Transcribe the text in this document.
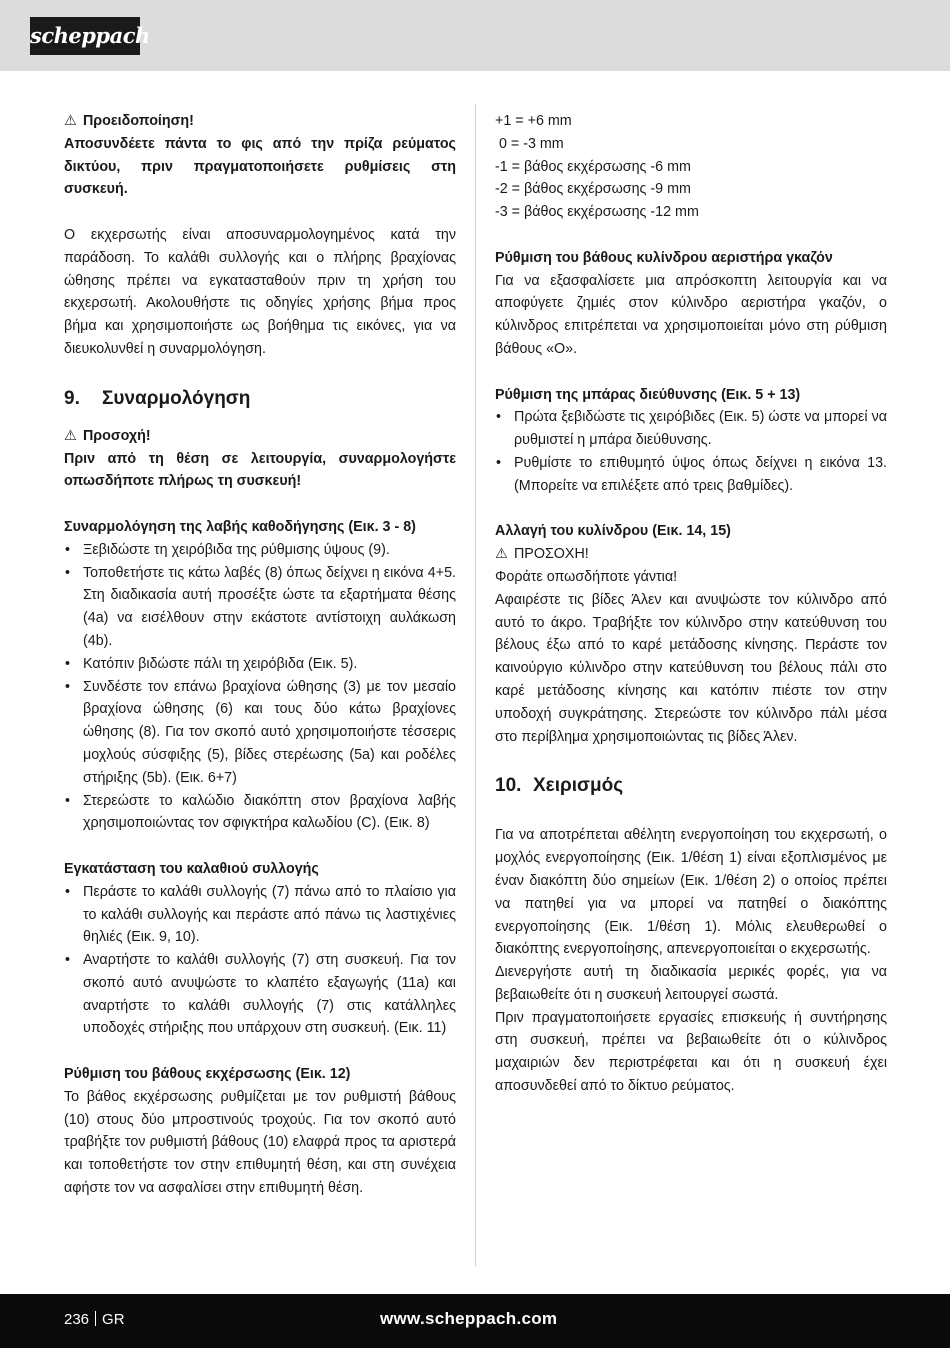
scheppach

⚠ Προειδοποίηση!

Αποσυνδέετε πάντα το φις από την πρίζα ρεύματος δικτύου, πριν πραγματοποιήσετε ρυθμίσεις στη συσκευή.

Ο εκχερσωτής είναι αποσυναρμολογημένος κατά την παράδοση. Το καλάθι συλλογής και ο πλήρης βραχίονας ώθησης πρέπει να εγκατασταθούν πριν τη χρήση του εκχερσωτή. Ακολουθήστε τις οδηγίες χρήσης βήμα προς βήμα και χρησιμοποιήστε ως βοήθημα τις εικόνες, για να διευκολυνθεί η συναρμολόγηση.

9. Συναρμολόγηση

⚠ Προσοχή!

Πριν από τη θέση σε λειτουργία, συναρμολογήστε οπωσδήποτε πλήρως τη συσκευή!

Συναρμολόγηση της λαβής καθοδήγησης (Εικ. 3 - 8)

• Ξεβιδώστε τη χειρόβιδα της ρύθμισης ύψους (9).
• Τοποθετήστε τις κάτω λαβές (8) όπως δείχνει η εικόνα 4+5. Στη διαδικασία αυτή προσέξτε ώστε τα εξαρτήματα θέσης (4a) να εισέλθουν στην εκάστοτε αντίστοιχη αυλάκωση (4b).
• Κατόπιν βιδώστε πάλι τη χειρόβιδα (Εικ. 5).
• Συνδέστε τον επάνω βραχίονα ώθησης (3) με τον μεσαίο βραχίονα ώθησης (6) και τους δύο κάτω βραχίονες ώθησης (8). Για τον σκοπό αυτό χρησιμοποιήστε τέσσερις μοχλούς σύσφιξης (5), βίδες στερέωσης (5a) και ροδέλες στήριξης (5b). (Εικ. 6+7)
• Στερεώστε το καλώδιο διακόπτη στον βραχίονα λαβής χρησιμοποιώντας τον σφιγκτήρα καλωδίου (C). (Εικ. 8)

Εγκατάσταση του καλαθιού συλλογής

• Περάστε το καλάθι συλλογής (7) πάνω από το πλαίσιο για το καλάθι συλλογής και περάστε από πάνω τις λαστιχένιες θηλιές (Εικ. 9, 10).
• Αναρτήστε το καλάθι συλλογής (7) στη συσκευή. Για τον σκοπό αυτό ανυψώστε το κλαπέτο εξαγωγής (11a) και αναρτήστε το καλάθι συλλογής (7) στις κατάλληλες υποδοχές στήριξης που υπάρχουν στη συσκευή. (Εικ. 11)

Ρύθμιση του βάθους εκχέρσωσης (Εικ. 12)

Το βάθος εκχέρσωσης ρυθμίζεται με τον ρυθμιστή βάθους (10) στους δύο μπροστινούς τροχούς. Για τον σκοπό αυτό τραβήξτε τον ρυθμιστή βάθους (10) ελαφρά προς τα αριστερά και τοποθετήστε τον στην επιθυμητή θέση, και στη συνέχεια αφήστε τον να ασφαλίσει στην επιθυμητή θέση.

+1 = +6 mm

0 = -3 mm

-1 = βάθος εκχέρσωσης -6 mm

-2 = βάθος εκχέρσωσης -9 mm

-3 = βάθος εκχέρσωσης -12 mm

Ρύθμιση του βάθους κυλίνδρου αεριστήρα γκαζόν

Για να εξασφαλίσετε μια απρόσκοπτη λειτουργία και να αποφύγετε ζημιές στον κύλινδρο αεριστήρα γκαζόν, ο κύλινδρος επιτρέπεται να χρησιμοποιείται μόνο στη ρύθμιση βάθους «O».

Ρύθμιση της μπάρας διεύθυνσης (Εικ. 5 + 13)

• Πρώτα ξεβιδώστε τις χειρόβιδες (Εικ. 5) ώστε να μπορεί να ρυθμιστεί η μπάρα διεύθυνσης.
• Ρυθμίστε το επιθυμητό ύψος όπως δείχνει η εικόνα 13. (Μπορείτε να επιλέξετε από τρεις βαθμίδες).

Αλλαγή του κυλίνδρου (Εικ. 14, 15)

⚠ ΠΡΟΣΟΧΗ!

Φοράτε οπωσδήποτε γάντια!

Αφαιρέστε τις βίδες Άλεν και ανυψώστε τον κύλινδρο από αυτό το άκρο. Τραβήξτε τον κύλινδρο στην κατεύθυνση του βέλους έξω από το καρέ μετάδοσης κίνησης. Περάστε τον καινούργιο κύλινδρο στην κατεύθυνση του βέλους πάλι στο καρέ μετάδοσης κίνησης και κατόπιν πιέστε τον στην υποδοχή συγκράτησης. Στερεώστε τον κύλινδρο πάλι μέσα στο περίβλημα χρησιμοποιώντας τις βίδες Άλεν.

10. Χειρισμός

Για να αποτρέπεται αθέλητη ενεργοποίηση του εκχερσωτή, ο μοχλός ενεργοποίησης (Εικ. 1/θέση 1) είναι εξοπλισμένος με έναν διακόπτη δύο σημείων (Εικ. 1/θέση 2) ο οποίος πρέπει να πατηθεί για να μπορεί να πατηθεί ο διακόπτης ενεργοποίησης (Εικ. 1/θέση 1). Μόλις ελευθερωθεί ο διακόπτης ενεργοποίησης, απενεργοποιείται ο εκχερσωτής.

Διενεργήστε αυτή τη διαδικασία μερικές φορές, για να βεβαιωθείτε ότι η συσκευή λειτουργεί σωστά.

Πριν πραγματοποιήσετε εργασίες επισκευής ή συντήρησης στη συσκευή, πρέπει να βεβαιωθείτε ότι ο κύλινδρος μαχαιριών δεν περιστρέφεται και ότι η συσκευή έχει αποσυνδεθεί από το δίκτυο ρεύματος.

236 GR	www.scheppach.com
